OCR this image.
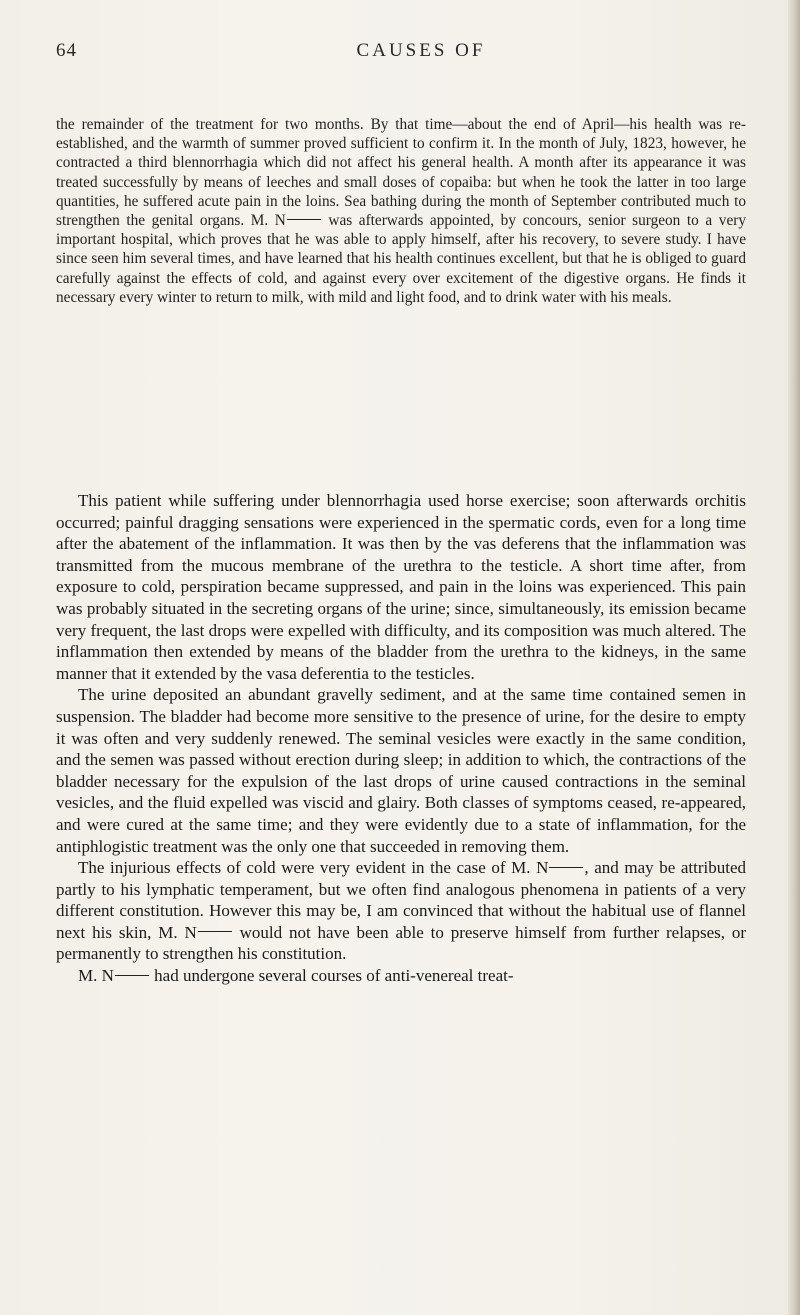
64	CAUSES OF

the remainder of the treatment for two months. By that time—about the end of April—his health was re-established, and the warmth of summer proved sufficient to confirm it. In the month of July, 1823, however, he contracted a third blennorrhagia which did not affect his general health. A month after its appearance it was treated successfully by means of leeches and small doses of copaiba: but when he took the latter in too large quantities, he suffered acute pain in the loins. Sea bathing during the month of September contributed much to strengthen the genital organs. M. N was afterwards appointed, by concours, senior surgeon to a very important hospital, which proves that he was able to apply himself, after his recovery, to severe study. I have since seen him several times, and have learned that his health continues excellent, but that he is obliged to guard carefully against the effects of cold, and against every over excitement of the digestive organs. He finds it necessary every winter to return to milk, with mild and light food, and to drink water with his meals.

This patient while suffering under blennorrhagia used horse exercise; soon afterwards orchitis occurred; painful dragging sensations were experienced in the spermatic cords, even for a long time after the abatement of the inflammation. It was then by the vas deferens that the inflammation was transmitted from the mucous membrane of the urethra to the testicle. A short time after, from exposure to cold, perspiration became suppressed, and pain in the loins was experienced. This pain was probably situated in the secreting organs of the urine; since, simultaneously, its emission became very frequent, the last drops were expelled with difficulty, and its composition was much altered. The inflammation then extended by means of the bladder from the urethra to the kidneys, in the same manner that it extended by the vasa deferentia to the testicles.

The urine deposited an abundant gravelly sediment, and at the same time contained semen in suspension. The bladder had become more sensitive to the presence of urine, for the desire to empty it was often and very suddenly renewed. The seminal vesicles were exactly in the same condition, and the semen was passed without erection during sleep; in addition to which, the contractions of the bladder necessary for the expulsion of the last drops of urine caused contractions in the seminal vesicles, and the fluid expelled was viscid and glairy. Both classes of symptoms ceased, re-appeared, and were cured at the same time; and they were evidently due to a state of inflammation, for the antiphlogistic treatment was the only one that succeeded in removing them.

The injurious effects of cold were very evident in the case of M. N , and may be attributed partly to his lymphatic temperament, but we often find analogous phenomena in patients of a very different constitution. However this may be, I am convinced that without the habitual use of flannel next his skin, M. N would not have been able to preserve himself from further relapses, or permanently to strengthen his constitution.

M. N had undergone several courses of anti-venereal treat-
